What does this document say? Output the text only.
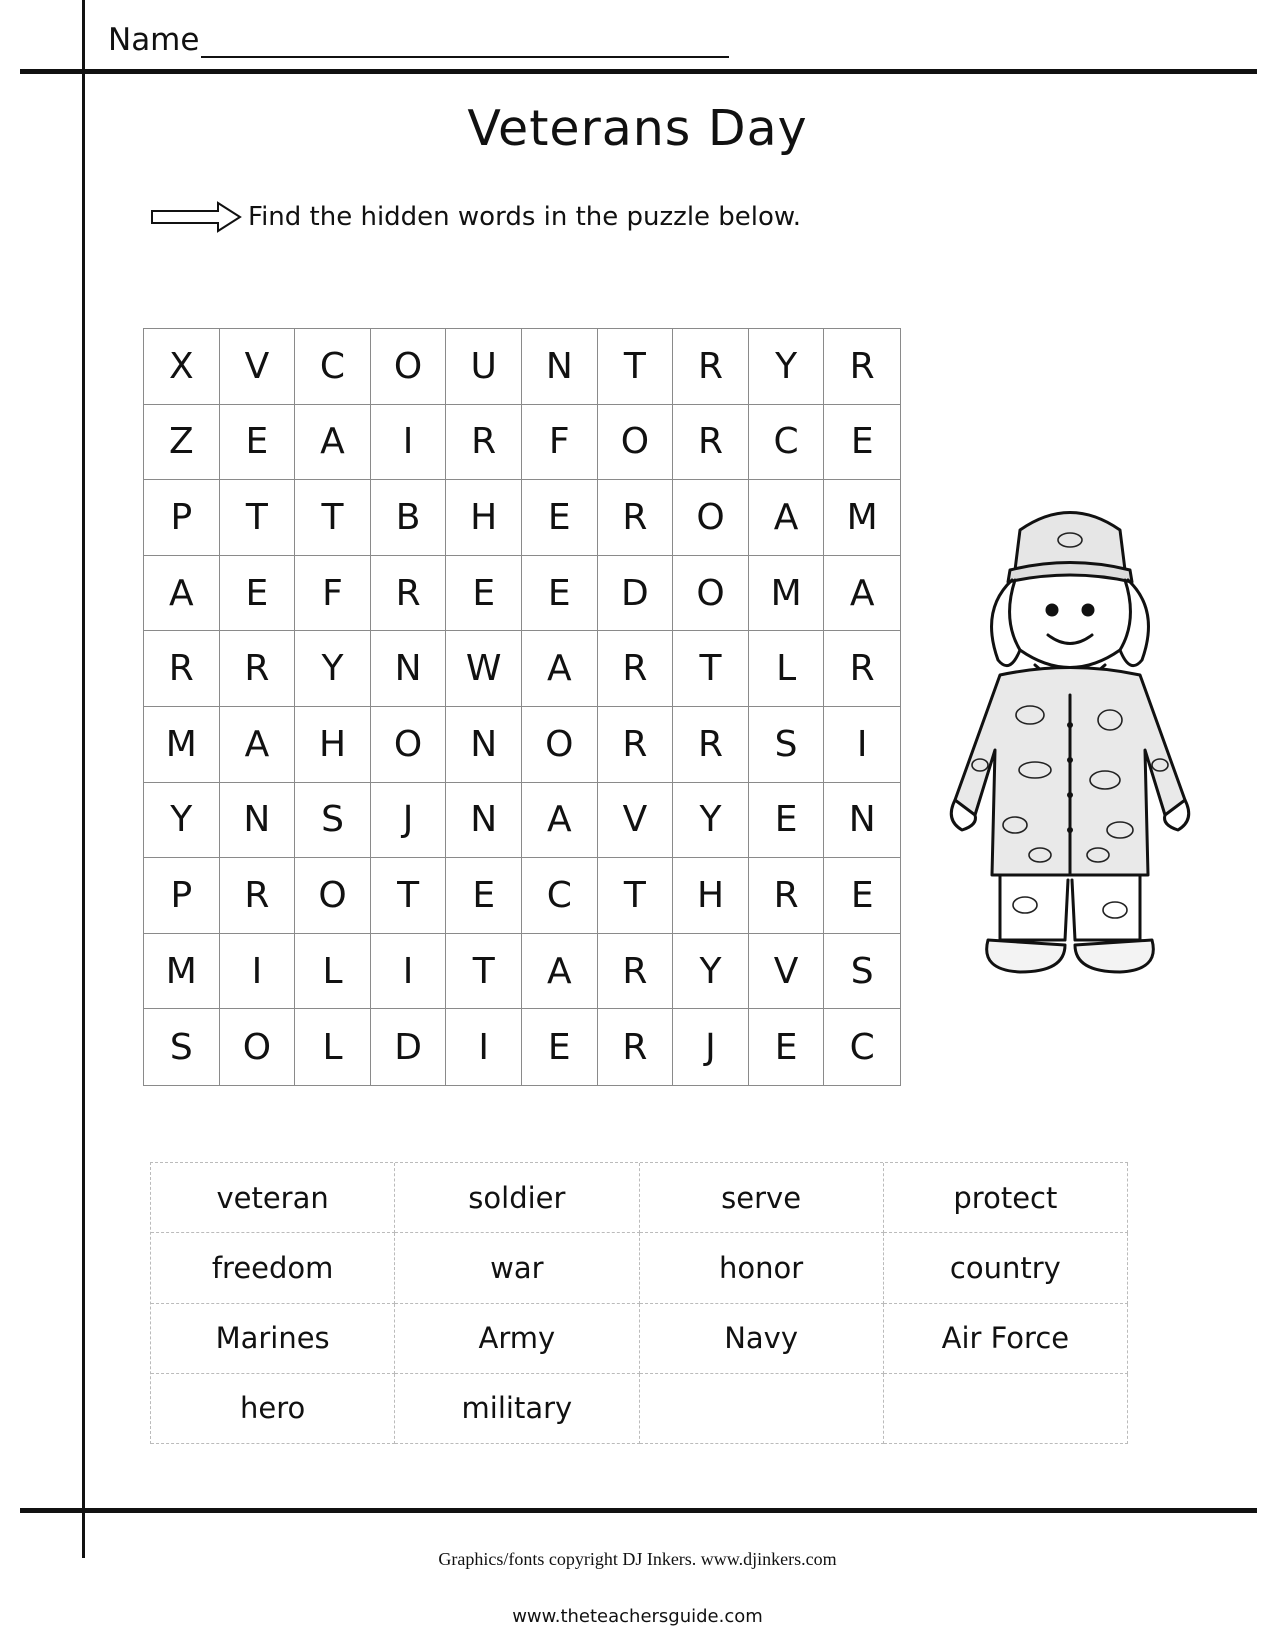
Name
Veterans Day
Find the hidden words in the puzzle below.
X	V	C	O	U	N	T	R	Y	R
Z	E	A	I	R	F	O	R	C	E
P	T	T	B	H	E	R	O	A	M
A	E	F	R	E	E	D	O	M	A
R	R	Y	N	W	A	R	T	L	R
M	A	H	O	N	O	R	R	S	I
Y	N	S	J	N	A	V	Y	E	N
P	R	O	T	E	C	T	H	R	E
M	I	L	I	T	A	R	Y	V	S
S	O	L	D	I	E	R	J	E	C
veteran	soldier	serve	protect
freedom	war	honor	country
Marines	Army	Navy	Air Force
hero	military
Graphics/fonts copyright DJ Inkers. www.djinkers.com
www.theteachersguide.com
